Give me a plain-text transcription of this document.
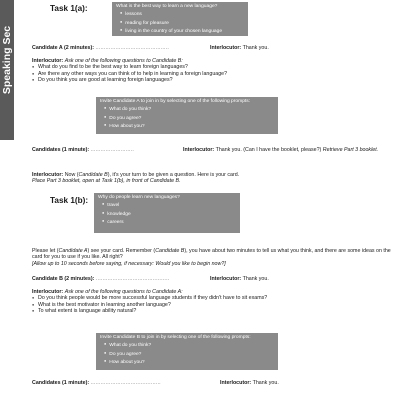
Speaking Sec
Task 1(a):	What is the best way to learn a new language?
● lessons
● reading for pleasure
● living in the country of your chosen language
Candidate A (2 minutes): ............................................	Interlocutor: Thank you.
Interlocutor: Ask one of the following questions to Candidate B:
● What do you find to be the best way to learn foreign languages?
● Are there any other ways you can think of to help in learning a foreign language?
● Do you think you are good at learning foreign languages?
Invite Candidate A to join in by selecting one of the following prompts:
● What do you think?
● Do you agree?
● How about you?
Candidates (1 minute): ..........................	Interlocutor: Thank you. (Can I have the booklet, please?) Retrieve Part 3 booklet.
Interlocutor: Now (Candidate B), it's your turn to be given a question. Here is your card.
Place Part 3 booklet, open at Task 1(b), in front of Candidate B.
Task 1(b): Why do people learn new languages?
● travel
● knowledge
● careers
Please let (Candidate A) see your card. Remember (Candidate B), you have about two minutes to tell us what you think, and there are some ideas on the card for you to use if you like. All right?
[Allow up to 10 seconds before saying, if necessary: Would you like to begin now?]
Candidate B (2 minutes): ............................................	Interlocutor: Thank you.
Interlocutor: Ask one of the following questions to Candidate A:
● Do you think people would be more successful language students if they didn't have to sit exams?
● What is the best motivator in learning another language?
● To what extent is language ability natural?
Invite Candidate B to join in by selecting one of the following prompts:
● What do you think?
● Do you agree?
● How about you?
Candidates (1 minute): ..........................................	Interlocutor: Thank you.
